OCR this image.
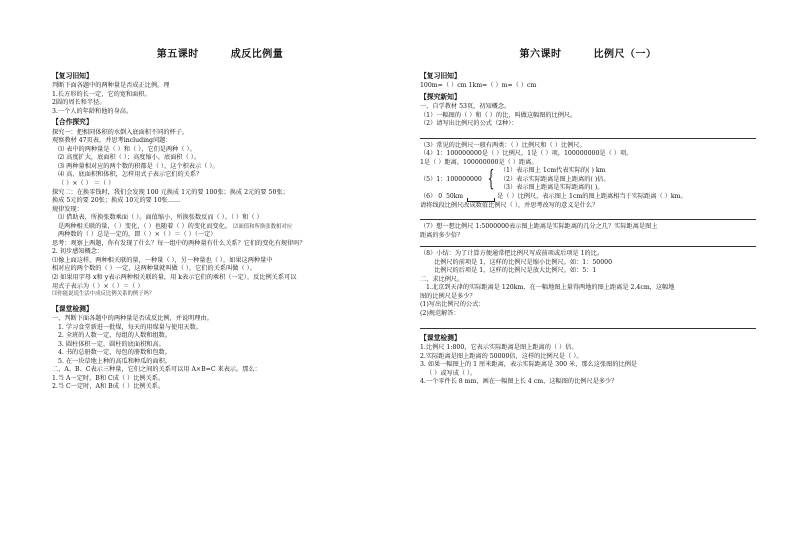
第五课时	成反比例量

【复习旧知】

判断下面各题中的两种量是否成正比例。理

1.长方形的长一定，它的宽和面积。

2圆的周长和半径。

3.一个人的年龄和他的身高。

【合作探究】

探究一：把相同体积的水倒入底面积不同的杯子。

观察教材 47页表，并思考including问题：

⑴ 表中的两种量是（ ）和（ ），它们是两种（ ）。

⑵ 高度扩大，底面积（ ）；高度缩小，底面积（ ）。

⑶ 两种量相对应的两个数的积都是（ ），这个积表示（ ）。

⑷ 高、底面积和体积，怎样用式子表示它们的关系？

（ ）×（ ） ＝（ ）

探究二：在换零钱时，我们会发现 100 元换成 1元的要 100张；换成 2元的要 50张；

换成 5元的要 20张；换成 10元的要 10张……

规律发现：

⑴ 借助表，所换张数乘面（ ）。面值缩小，所换张数反而（ ）。（ ）和（ ）

是两种相关联的量，（ ）变化，（ ）也随着（ ）的变化而变化。 ⑵面值和所换张数相对应

两种数的（ ）总是一定的，即（ ）×（ ）＝（ ）（一定）

思考：观察上两题，你有发现了什么？每一组中的两种量有什么关系？它们的变化有规律吗？

2. 初步感知概念：

⑴像上面这样，两种相关联的量，一种量（ ），另一种量也（ ），如果这两种量中

相对应的两个数的（ ）一定，这两种量就叫做（ ），它们的关系叫做（ ）。

⑵ 如果用字母 x和 y表示两种相关联的量，用 k表示它们的乘积（一定），反比例关系可以

用式子表示为（ ）×（ ）＝（ ）

⑶你能说说生活中成反比例关系的例子吗？

【课堂检测】

一、判断下面各题中的两种量是否成反比例，并说明理由。

1. 学习食堂新进一批煤，每天的用煤量与使用天数。

2. 全班的人数一定，每组的人数和组数。

3. 圆柱体积一定，圆柱的底面积和高。

4. 书的总册数一定，每包的册数和包数。

5. 在一块草地上种的高瓜和种瓜的面积。

二、A、B、C表示三种量，它们之间的关系可以用 A×B=C 来表示。那么：

1.当 A一定时，B和 C成（ ）比例关系。

2.当 C一定时，A和 B成（ ）比例关系。

第六课时	比例尺（一）

【复习旧知】

100m=（ ）cm 1km=（ ）m=（ ）cm

【探究新知】

一、自学教材 53页，初知概念。

（1）一幅图的（ ）和（ ）的比，叫做这幅图的比例尺。

（2）请写出比例尺的公式（2种）：

（3）常见的比例尺一般有两类：（ ）比例尺和（ ）比例尺。

（4）1：100000000是（ ）比例尺，1是（ ）项，100000000是（ ）项。

1是（ ）距离，100000000是（ ）距离。

（5）1：100000000 { （1）表示图上 1cm代表实际的( ) km

（2）表示实际距离是图上距离的( )倍。

（3）表示图上距离是实际距离的( )。

（6） 0 50km	是（ ）比例尺，表示图上 1cm的图上距离相当于实际距离（ ）km。

请将线段比例尺改成数值比例尺（ ），并思考改写的意义是什么？

（7）想一想比例尺 1:5000000表示图上距离是实际距离的几分之几？实际距离是图上

距离的多少倍？

（8）小结：为了计算方便通常把比例尺写成前项或后项是 1的比。

比例尺的前项是 1，这样的比例尺是缩小比例尺。如：1：50000

比例尺的后项是 1，这样的比例尺是放大比例尺。如：5：1

二、求比例尺。

1.北京到天津的实际距离是 120km，在一幅地图上量得两地的图上距离是 2.4cm，这幅地

图的比例尺是多少？

(1)写出比例尺的公式：

(2)规范解答：

【课堂检测】

1.比例尺 1:800，它表示实际距离是图上距离的（ ）倍。

2.实际距离是图上距离的 50000倍，这样的比例尺是（ ）。

3. 如果一幅图上的 1 厘米距离，表示实际距离是 300 米，那么这张图的比例是

（ ）或写成（ ）。

4.一个零件长 8 mm，画在一幅图上长 4 cm，这幅图的比例尺是多少？
